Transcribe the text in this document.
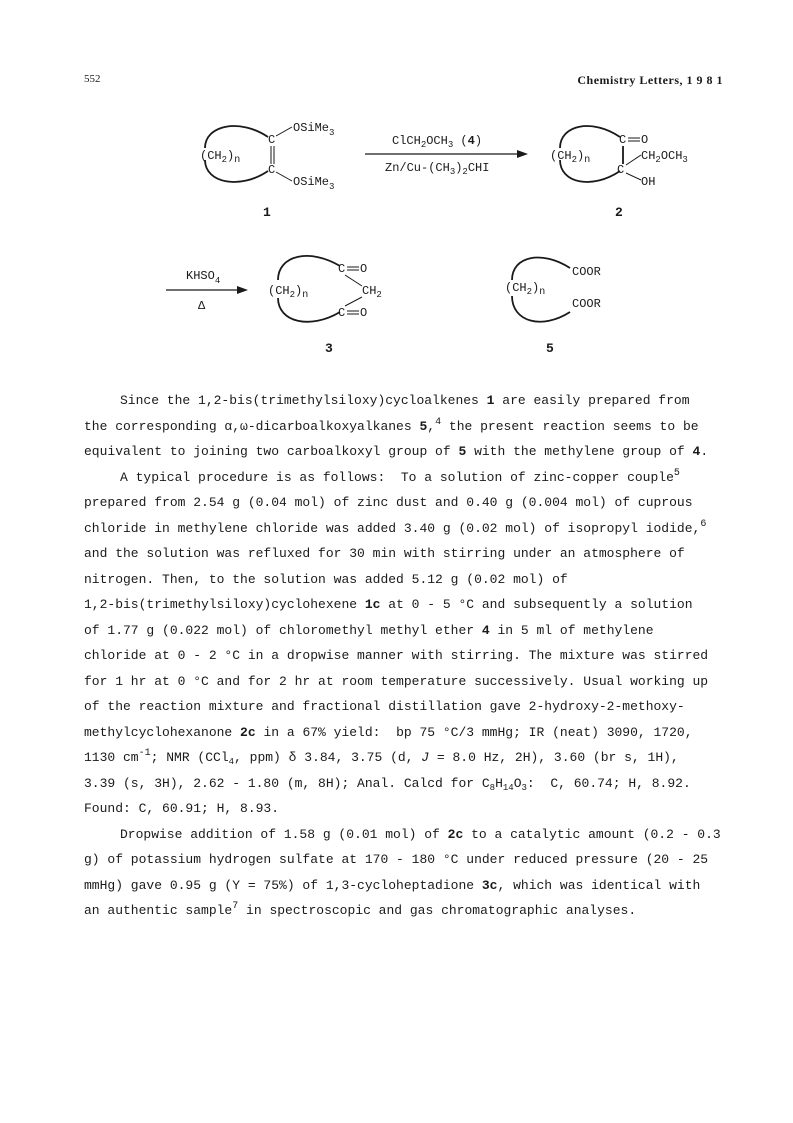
552	Chemistry Letters, 1 9 8 1
$(CH_2)_n$
C
C
OSiMe$_3$
OSiMe$_3$
1
$ClCH_2OCH_3$ (4)
$Zn/Cu-(CH_3)_2CHI$
$(CH_2)_n$
C O
C
$CH_2OCH_3$
OH
2
$KHSO_4$
Δ
$(CH_2)_n$
C O
$CH_2$
C O
3
$(CH_2)_n$
COOR
COOR
5
Since the 1,2-bis(trimethylsiloxy)cycloalkenes 1 are easily prepared from
the corresponding α,ω-dicarboalkoxyalkanes 5,$^4$ the present reaction seems to be
equivalent to joining two carboalkoxyl group of 5 with the methylene group of 4.
A typical procedure is as follows:  To a solution of zinc-copper couple$^5$
prepared from 2.54 g (0.04 mol) of zinc dust and 0.40 g (0.004 mol) of cuprous
chloride in methylene chloride was added 3.40 g (0.02 mol) of isopropyl iodide,$^6$
and the solution was refluxed for 30 min with stirring under an atmosphere of
nitrogen. Then, to the solution was added 5.12 g (0.02 mol) of
1,2-bis(trimethylsiloxy)cyclohexene 1c at 0 - 5 °C and subsequently a solution
of 1.77 g (0.022 mol) of chloromethyl methyl ether 4 in 5 ml of methylene
chloride at 0 - 2 °C in a dropwise manner with stirring. The mixture was stirred
for 1 hr at 0 °C and for 2 hr at room temperature successively. Usual working up
of the reaction mixture and fractional distillation gave 2-hydroxy-2-methoxy-
methylcyclohexanone 2c in a 67% yield:  bp 75 °C/3 mmHg; IR (neat) 3090, 1720,
1130 $cm^{-1}$; NMR (CCl$_4$, ppm) δ 3.84, 3.75 (d, J = 8.0 Hz, 2H), 3.60 (br s, 1H),
3.39 (s, 3H), 2.62 - 1.80 (m, 8H); Anal. Calcd for $C_8H_{14}O_3$:  C, 60.74; H, 8.92.
Found: C, 60.91; H, 8.93.
Dropwise addition of 1.58 g (0.01 mol) of 2c to a catalytic amount (0.2 - 0.3
g) of potassium hydrogen sulfate at 170 - 180 °C under reduced pressure (20 - 25
mmHg) gave 0.95 g (Y = 75%) of 1,3-cycloheptadione 3c, which was identical with
an authentic sample$^7$ in spectroscopic and gas chromatographic analyses.
